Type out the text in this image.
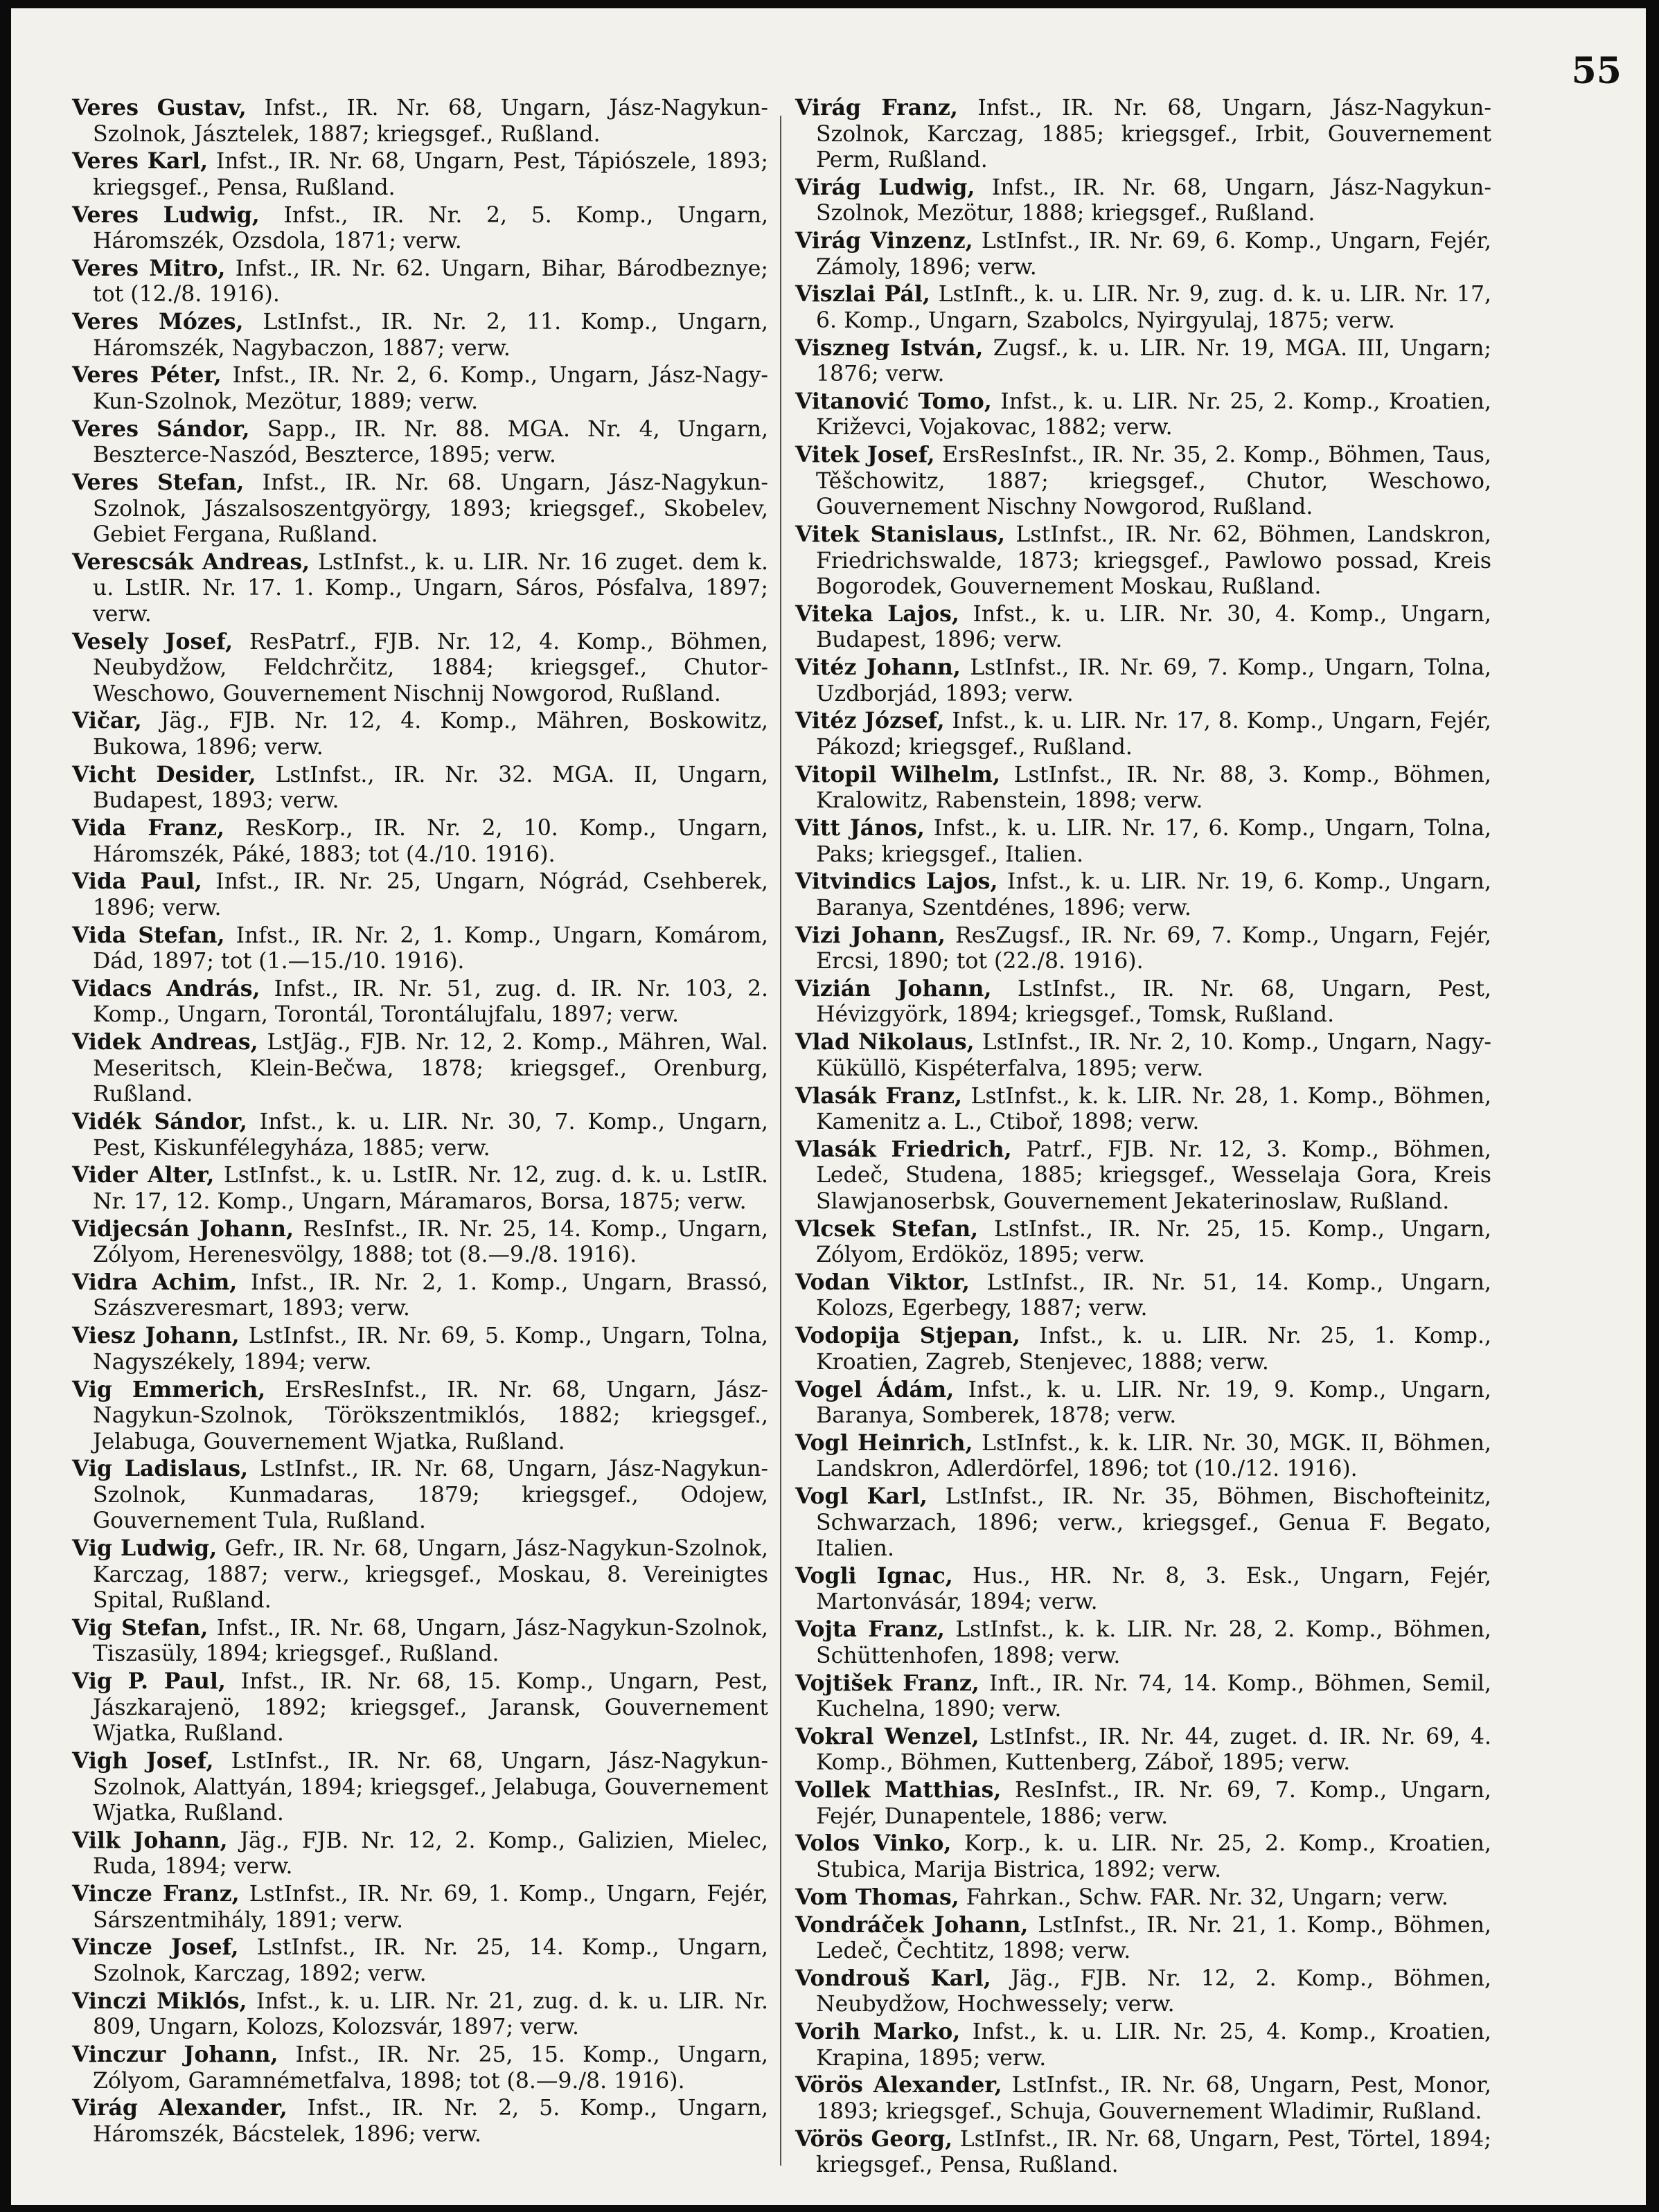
55

Veres Gustav, Infst., IR. Nr. 68, Ungarn, Jász-Nagykun-Szolnok, Jásztelek, 1887; kriegsgef., Rußland.

Veres Karl, Infst., IR. Nr. 68, Ungarn, Pest, Tápiószele, 1893; kriegsgef., Pensa, Rußland.

Veres Ludwig, Infst., IR. Nr. 2, 5. Komp., Ungarn, Háromszék, Ozsdola, 1871; verw.

Veres Mitro, Infst., IR. Nr. 62. Ungarn, Bihar, Bárodbeznye; tot (12./8. 1916).

Veres Mózes, LstInfst., IR. Nr. 2, 11. Komp., Ungarn, Háromszék, Nagybaczon, 1887; verw.

Veres Péter, Infst., IR. Nr. 2, 6. Komp., Ungarn, Jász-Nagy-Kun-Szolnok, Mezötur, 1889; verw.

Veres Sándor, Sapp., IR. Nr. 88. MGA. Nr. 4, Ungarn, Beszterce-Naszód, Beszterce, 1895; verw.

Veres Stefan, Infst., IR. Nr. 68. Ungarn, Jász-Nagykun-Szolnok, Jászalsoszentgyörgy, 1893; kriegsgef., Skobelev, Gebiet Fergana, Rußland.

Verescsák Andreas, LstInfst., k. u. LIR. Nr. 16 zuget. dem k. u. LstIR. Nr. 17. 1. Komp., Ungarn, Sáros, Pósfalva, 1897; verw.

Vesely Josef, ResPatrf., FJB. Nr. 12, 4. Komp., Böhmen, Neubydžow, Feldchrčitz, 1884; kriegsgef., Chutor-Weschowo, Gouvernement Nischnij Nowgorod, Rußland.

Vičar, Jäg., FJB. Nr. 12, 4. Komp., Mähren, Boskowitz, Bukowa, 1896; verw.

Vicht Desider, LstInfst., IR. Nr. 32. MGA. II, Ungarn, Budapest, 1893; verw.

Vida Franz, ResKorp., IR. Nr. 2, 10. Komp., Ungarn, Háromszék, Páké, 1883; tot (4./10. 1916).

Vida Paul, Infst., IR. Nr. 25, Ungarn, Nógrád, Csehberek, 1896; verw.

Vida Stefan, Infst., IR. Nr. 2, 1. Komp., Ungarn, Komárom, Dád, 1897; tot (1.—15./10. 1916).

Vidacs András, Infst., IR. Nr. 51, zug. d. IR. Nr. 103, 2. Komp., Ungarn, Torontál, Torontálujfalu, 1897; verw.

Videk Andreas, LstJäg., FJB. Nr. 12, 2. Komp., Mähren, Wal. Meseritsch, Klein-Bečwa, 1878; kriegsgef., Orenburg, Rußland.

Vidék Sándor, Infst., k. u. LIR. Nr. 30, 7. Komp., Ungarn, Pest, Kiskunfélegyháza, 1885; verw.

Vider Alter, LstInfst., k. u. LstIR. Nr. 12, zug. d. k. u. LstIR. Nr. 17, 12. Komp., Ungarn, Máramaros, Borsa, 1875; verw.

Vidjecsán Johann, ResInfst., IR. Nr. 25, 14. Komp., Ungarn, Zólyom, Herenesvölgy, 1888; tot (8.—9./8. 1916).

Vidra Achim, Infst., IR. Nr. 2, 1. Komp., Ungarn, Brassó, Szászveresmart, 1893; verw.

Viesz Johann, LstInfst., IR. Nr. 69, 5. Komp., Ungarn, Tolna, Nagyszékely, 1894; verw.

Vig Emmerich, ErsResInfst., IR. Nr. 68, Ungarn, Jász-Nagykun-Szolnok, Törökszentmiklós, 1882; kriegsgef., Jelabuga, Gouvernement Wjatka, Rußland.

Vig Ladislaus, LstInfst., IR. Nr. 68, Ungarn, Jász-Nagykun-Szolnok, Kunmadaras, 1879; kriegsgef., Odojew, Gouvernement Tula, Rußland.

Vig Ludwig, Gefr., IR. Nr. 68, Ungarn, Jász-Nagykun-Szolnok, Karczag, 1887; verw., kriegsgef., Moskau, 8. Vereinigtes Spital, Rußland.

Vig Stefan, Infst., IR. Nr. 68, Ungarn, Jász-Nagykun-Szolnok, Tiszasüly, 1894; kriegsgef., Rußland.

Vig P. Paul, Infst., IR. Nr. 68, 15. Komp., Ungarn, Pest, Jászkarajenö, 1892; kriegsgef., Jaransk, Gouvernement Wjatka, Rußland.

Vigh Josef, LstInfst., IR. Nr. 68, Ungarn, Jász-Nagykun-Szolnok, Alattyán, 1894; kriegsgef., Jelabuga, Gouvernement Wjatka, Rußland.

Vilk Johann, Jäg., FJB. Nr. 12, 2. Komp., Galizien, Mielec, Ruda, 1894; verw.

Vincze Franz, LstInfst., IR. Nr. 69, 1. Komp., Ungarn, Fejér, Sárszentmihály, 1891; verw.

Vincze Josef, LstInfst., IR. Nr. 25, 14. Komp., Ungarn, Szolnok, Karczag, 1892; verw.

Vinczi Miklós, Infst., k. u. LIR. Nr. 21, zug. d. k. u. LIR. Nr. 809, Ungarn, Kolozs, Kolozsvár, 1897; verw.

Vinczur Johann, Infst., IR. Nr. 25, 15. Komp., Ungarn, Zólyom, Garamnémetfalva, 1898; tot (8.—9./8. 1916).

Virág Alexander, Infst., IR. Nr. 2, 5. Komp., Ungarn, Háromszék, Bácstelek, 1896; verw.

Virág Franz, Infst., IR. Nr. 68, Ungarn, Jász-Nagykun-Szolnok, Karczag, 1885; kriegsgef., Irbit, Gouvernement Perm, Rußland.

Virág Ludwig, Infst., IR. Nr. 68, Ungarn, Jász-Nagykun-Szolnok, Mezötur, 1888; kriegsgef., Rußland.

Virág Vinzenz, LstInfst., IR. Nr. 69, 6. Komp., Ungarn, Fejér, Zámoly, 1896; verw.

Viszlai Pál, LstInft., k. u. LIR. Nr. 9, zug. d. k. u. LIR. Nr. 17, 6. Komp., Ungarn, Szabolcs, Nyirgyulaj, 1875; verw.

Viszneg István, Zugsf., k. u. LIR. Nr. 19, MGA. III, Ungarn; 1876; verw.

Vitanović Tomo, Infst., k. u. LIR. Nr. 25, 2. Komp., Kroatien, Križevci, Vojakovac, 1882; verw.

Vitek Josef, ErsResInfst., IR. Nr. 35, 2. Komp., Böhmen, Taus, Těšchowitz, 1887; kriegsgef., Chutor, Weschowo, Gouvernement Nischny Nowgorod, Rußland.

Vitek Stanislaus, LstInfst., IR. Nr. 62, Böhmen, Landskron, Friedrichswalde, 1873; kriegsgef., Pawlowo possad, Kreis Bogorodek, Gouvernement Moskau, Rußland.

Viteka Lajos, Infst., k. u. LIR. Nr. 30, 4. Komp., Ungarn, Budapest, 1896; verw.

Vitéz Johann, LstInfst., IR. Nr. 69, 7. Komp., Ungarn, Tolna, Uzdborjád, 1893; verw.

Vitéz József, Infst., k. u. LIR. Nr. 17, 8. Komp., Ungarn, Fejér, Pákozd; kriegsgef., Rußland.

Vitopil Wilhelm, LstInfst., IR. Nr. 88, 3. Komp., Böhmen, Kralowitz, Rabenstein, 1898; verw.

Vitt János, Infst., k. u. LIR. Nr. 17, 6. Komp., Ungarn, Tolna, Paks; kriegsgef., Italien.

Vitvindics Lajos, Infst., k. u. LIR. Nr. 19, 6. Komp., Ungarn, Baranya, Szentdénes, 1896; verw.

Vizi Johann, ResZugsf., IR. Nr. 69, 7. Komp., Ungarn, Fejér, Ercsi, 1890; tot (22./8. 1916).

Vizián Johann, LstInfst., IR. Nr. 68, Ungarn, Pest, Hévizgyörk, 1894; kriegsgef., Tomsk, Rußland.

Vlad Nikolaus, LstInfst., IR. Nr. 2, 10. Komp., Ungarn, Nagy-Küküllö, Kispéterfalva, 1895; verw.

Vlasák Franz, LstInfst., k. k. LIR. Nr. 28, 1. Komp., Böhmen, Kamenitz a. L., Ctiboř, 1898; verw.

Vlasák Friedrich, Patrf., FJB. Nr. 12, 3. Komp., Böhmen, Ledeč, Studena, 1885; kriegsgef., Wesselaja Gora, Kreis Slawjanoserbsk, Gouvernement Jekaterinoslaw, Rußland.

Vlcsek Stefan, LstInfst., IR. Nr. 25, 15. Komp., Ungarn, Zólyom, Erdököz, 1895; verw.

Vodan Viktor, LstInfst., IR. Nr. 51, 14. Komp., Ungarn, Kolozs, Egerbegy, 1887; verw.

Vodopija Stjepan, Infst., k. u. LIR. Nr. 25, 1. Komp., Kroatien, Zagreb, Stenjevec, 1888; verw.

Vogel Ádám, Infst., k. u. LIR. Nr. 19, 9. Komp., Ungarn, Baranya, Somberek, 1878; verw.

Vogl Heinrich, LstInfst., k. k. LIR. Nr. 30, MGK. II, Böhmen, Landskron, Adlerdörfel, 1896; tot (10./12. 1916).

Vogl Karl, LstInfst., IR. Nr. 35, Böhmen, Bischofteinitz, Schwarzach, 1896; verw., kriegsgef., Genua F. Begato, Italien.

Vogli Ignac, Hus., HR. Nr. 8, 3. Esk., Ungarn, Fejér, Martonvásár, 1894; verw.

Vojta Franz, LstInfst., k. k. LIR. Nr. 28, 2. Komp., Böhmen, Schüttenhofen, 1898; verw.

Vojtišek Franz, Inft., IR. Nr. 74, 14. Komp., Böhmen, Semil, Kuchelna, 1890; verw.

Vokral Wenzel, LstInfst., IR. Nr. 44, zuget. d. IR. Nr. 69, 4. Komp., Böhmen, Kuttenberg, Záboř, 1895; verw.

Vollek Matthias, ResInfst., IR. Nr. 69, 7. Komp., Ungarn, Fejér, Dunapentele, 1886; verw.

Volos Vinko, Korp., k. u. LIR. Nr. 25, 2. Komp., Kroatien, Stubica, Marija Bistrica, 1892; verw.

Vom Thomas, Fahrkan., Schw. FAR. Nr. 32, Ungarn; verw.

Vondráček Johann, LstInfst., IR. Nr. 21, 1. Komp., Böhmen, Ledeč, Čechtitz, 1898; verw.

Vondrouš Karl, Jäg., FJB. Nr. 12, 2. Komp., Böhmen, Neubydžow, Hochwessely; verw.

Vorih Marko, Infst., k. u. LIR. Nr. 25, 4. Komp., Kroatien, Krapina, 1895; verw.

Vörös Alexander, LstInfst., IR. Nr. 68, Ungarn, Pest, Monor, 1893; kriegsgef., Schuja, Gouvernement Wladimir, Rußland.

Vörös Georg, LstInfst., IR. Nr. 68, Ungarn, Pest, Törtel, 1894; kriegsgef., Pensa, Rußland.
